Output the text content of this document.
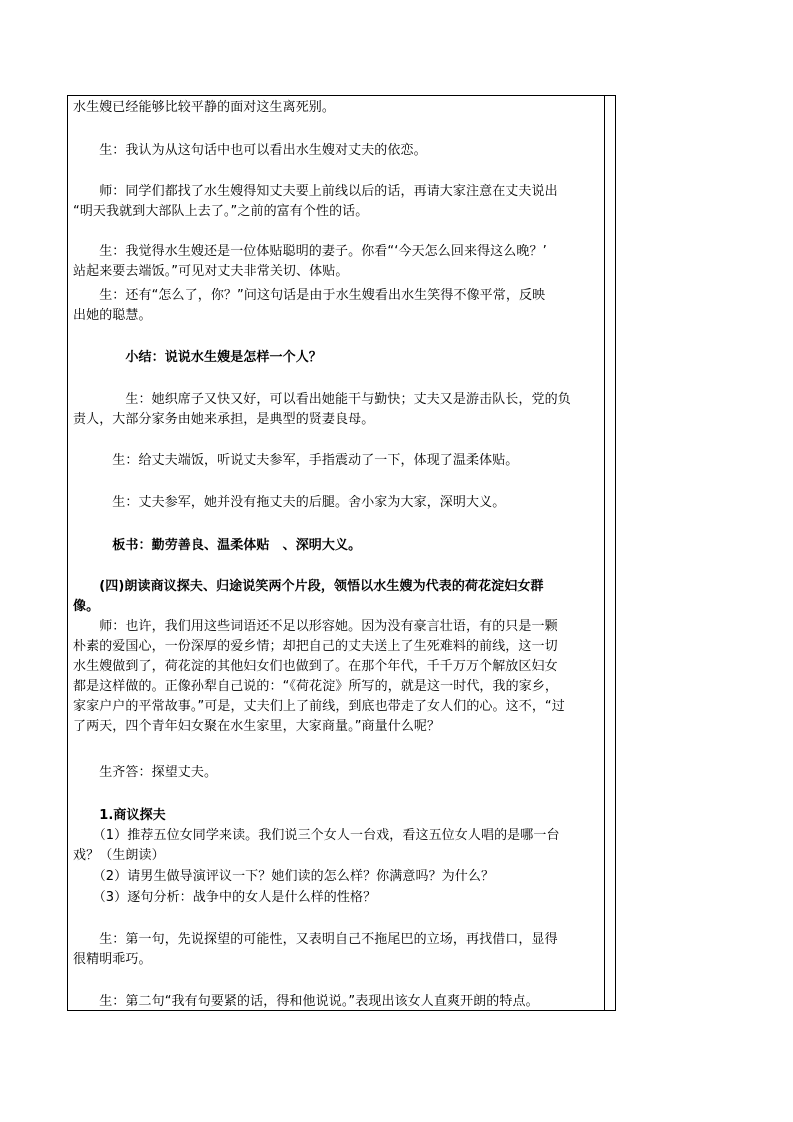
水生嫂已经能够比较平静的面对这生离死别。
　　生：我认为从这句话中也可以看出水生嫂对丈夫的依恋。
　　师：同学们都找了水生嫂得知丈夫要上前线以后的话，再请大家注意在丈夫说出
“明天我就到大部队上去了。”之前的富有个性的话。
　　生：我觉得水生嫂还是一位体贴聪明的妻子。你看“‘今天怎么回来得这么晚？’
站起来要去端饭。”可见对丈夫非常关切、体贴。
　　生：还有“怎么了，你？”问这句话是由于水生嫂看出水生笑得不像平常，反映
出她的聪慧。
　　　　小结：说说水生嫂是怎样一个人？
　　　　生：她织席子又快又好，可以看出她能干与勤快；丈夫又是游击队长，党的负
责人，大部分家务由她来承担，是典型的贤妻良母。
　　　生：给丈夫端饭，听说丈夫参军，手指震动了一下，体现了温柔体贴。
　　　生：丈夫参军，她并没有拖丈夫的后腿。舍小家为大家，深明大义。
　　　板书：勤劳善良、温柔体贴　、深明大义。
　　(四)朗读商议探夫、归途说笑两个片段，领悟以水生嫂为代表的荷花淀妇女群
像。
　　师：也许，我们用这些词语还不足以形容她。因为没有豪言壮语，有的只是一颗
朴素的爱国心，一份深厚的爱乡情；却把自己的丈夫送上了生死难料的前线，这一切
水生嫂做到了，荷花淀的其他妇女们也做到了。在那个年代，千千万万个解放区妇女
都是这样做的。正像孙犁自己说的：“《荷花淀》所写的，就是这一时代，我的家乡，
家家户户的平常故事。”可是，丈夫们上了前线，到底也带走了女人们的心。这不，“过
了两天，四个青年妇女聚在水生家里，大家商量。”商量什么呢？
　　生齐答：探望丈夫。
　　1.商议探夫
　　（1）推荐五位女同学来读。我们说三个女人一台戏，看这五位女人唱的是哪一台
戏？（生朗读）
　　（2）请男生做导演评议一下？她们读的怎么样？你满意吗？为什么？
　　（3）逐句分析：战争中的女人是什么样的性格？
　　生：第一句，先说探望的可能性，又表明自己不拖尾巴的立场，再找借口，显得
很精明乖巧。
　　生：第二句“我有句要紧的话，得和他说说。”表现出该女人直爽开朗的特点。
